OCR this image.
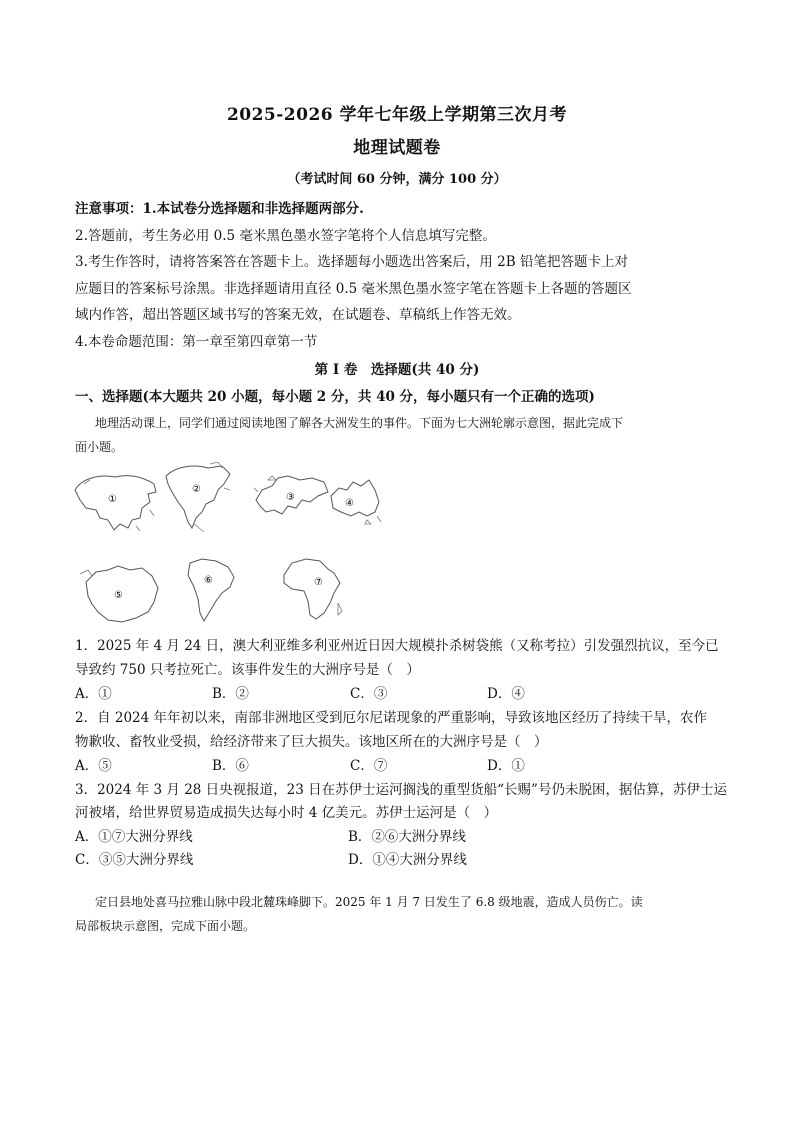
2025-2026 学年七年级上学期第三次月考
地理试题卷
（考试时间 60 分钟，满分 100 分）
注意事项：1.本试卷分选择题和非选择题两部分.
2.答题前，考生务必用 0.5 毫米黑色墨水签字笔将个人信息填写完整。
3.考生作答时，请将答案答在答题卡上。选择题每小题选出答案后，用 2B 铅笔把答题卡上对
应题目的答案标号涂黑。非选择题请用直径 0.5 毫米黑色墨水签字笔在答题卡上各题的答题区
域内作答，超出答题区域书写的答案无效，在试题卷、草稿纸上作答无效。
4.本卷命题范围：第一章至第四章第一节
第 I 卷　选择题(共 40 分)
一、选择题(本大题共 20 小题，每小题 2 分，共 40 分，每小题只有一个正确的选项)
地理活动课上，同学们通过阅读地图了解各大洲发生的事件。下面为七大洲轮廓示意图，据此完成下
面小题。
①
②
③
④
⑤
⑥	⑦
1．2025 年 4 月 24 日，澳大利亚维多利亚州近日因大规模扑杀树袋熊（又称考拉）引发强烈抗议，至今已
导致约 750 只考拉死亡。该事件发生的大洲序号是（　）
A．①	B．②	C．③	D．④
2．自 2024 年年初以来，南部非洲地区受到厄尔尼诺现象的严重影响，导致该地区经历了持续干旱，农作
物歉收、畜牧业受损，给经济带来了巨大损失。该地区所在的大洲序号是（　）
A．⑤	B．⑥	C．⑦	D．①
3．2024 年 3 月 28 日央视报道，23 日在苏伊士运河搁浅的重型货船“长赐”号仍未脱困，据估算，苏伊士运
河被堵，给世界贸易造成损失达每小时 4 亿美元。苏伊士运河是（　）
A．①⑦大洲分界线	B．②⑥大洲分界线
C．③⑤大洲分界线	D．①④大洲分界线
定日县地处喜马拉雅山脉中段北麓珠峰脚下。2025 年 1 月 7 日发生了 6.8 级地震，造成人员伤亡。读
局部板块示意图，完成下面小题。
